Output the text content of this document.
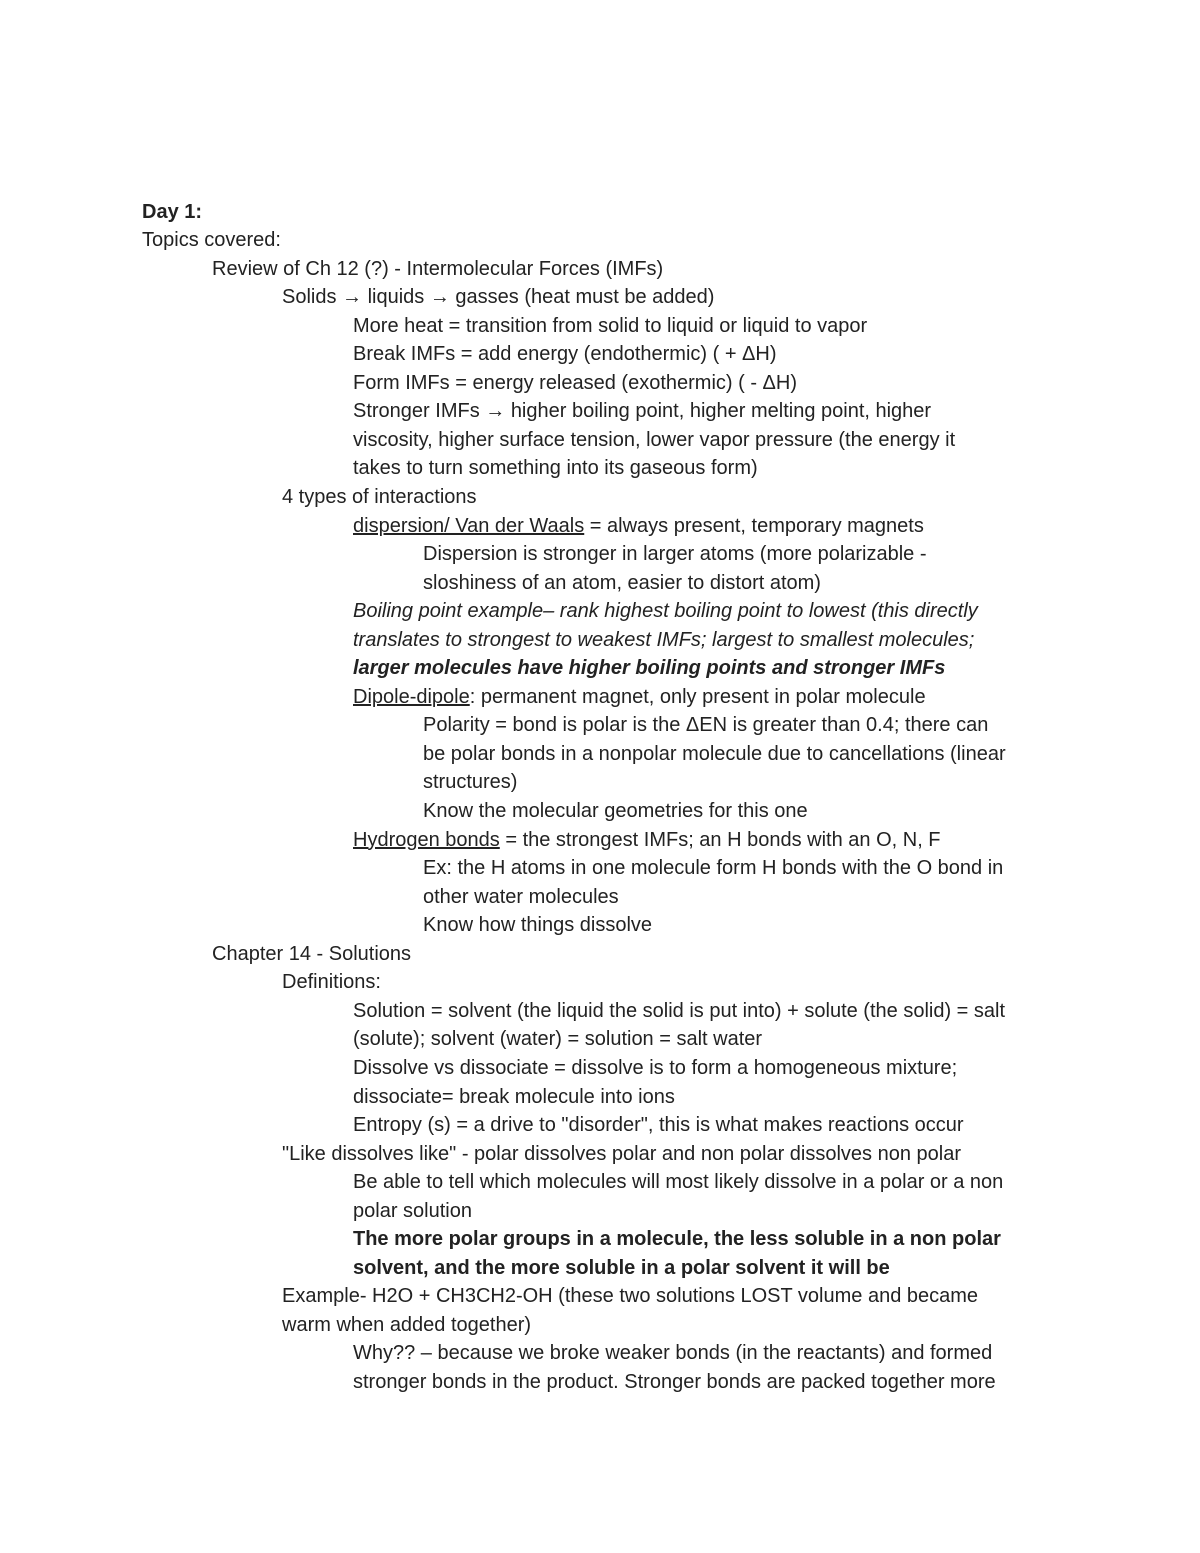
Day 1:
Topics covered:
Review of Ch 12 (?) - Intermolecular Forces (IMFs)
Solids → liquids → gasses (heat must be added)
More heat = transition from solid to liquid or liquid to vapor
Break IMFs = add energy (endothermic) ( + ΔH)
Form IMFs = energy released (exothermic) ( - ΔH)
Stronger IMFs → higher boiling point, higher melting point, higher
viscosity, higher surface tension, lower vapor pressure (the energy it
takes to turn something into its gaseous form)
4 types of interactions
dispersion/ Van der Waals = always present, temporary magnets
Dispersion is stronger in larger atoms (more polarizable -
sloshiness of an atom, easier to distort atom)
Boiling point example– rank highest boiling point to lowest (this directly
translates to strongest to weakest IMFs; largest to smallest molecules;
larger molecules have higher boiling points and stronger IMFs
Dipole-dipole: permanent magnet, only present in polar molecule
Polarity = bond is polar is the ΔEN is greater than 0.4; there can
be polar bonds in a nonpolar molecule due to cancellations (linear
structures)
Know the molecular geometries for this one
Hydrogen bonds = the strongest IMFs; an H bonds with an O, N, F
Ex: the H atoms in one molecule form H bonds with the O bond in
other water molecules
Know how things dissolve
Chapter 14 - Solutions
Definitions:
Solution = solvent (the liquid the solid is put into) + solute (the solid) = salt
(solute); solvent (water) = solution = salt water
Dissolve vs dissociate = dissolve is to form a homogeneous mixture;
dissociate= break molecule into ions
Entropy (s) = a drive to "disorder", this is what makes reactions occur
"Like dissolves like" - polar dissolves polar and non polar dissolves non polar
Be able to tell which molecules will most likely dissolve in a polar or a non
polar solution
The more polar groups in a molecule, the less soluble in a non polar
solvent, and the more soluble in a polar solvent it will be
Example- H2O + CH3CH2-OH (these two solutions LOST volume and became
warm when added together)
Why?? – because we broke weaker bonds (in the reactants) and formed
stronger bonds in the product. Stronger bonds are packed together more
